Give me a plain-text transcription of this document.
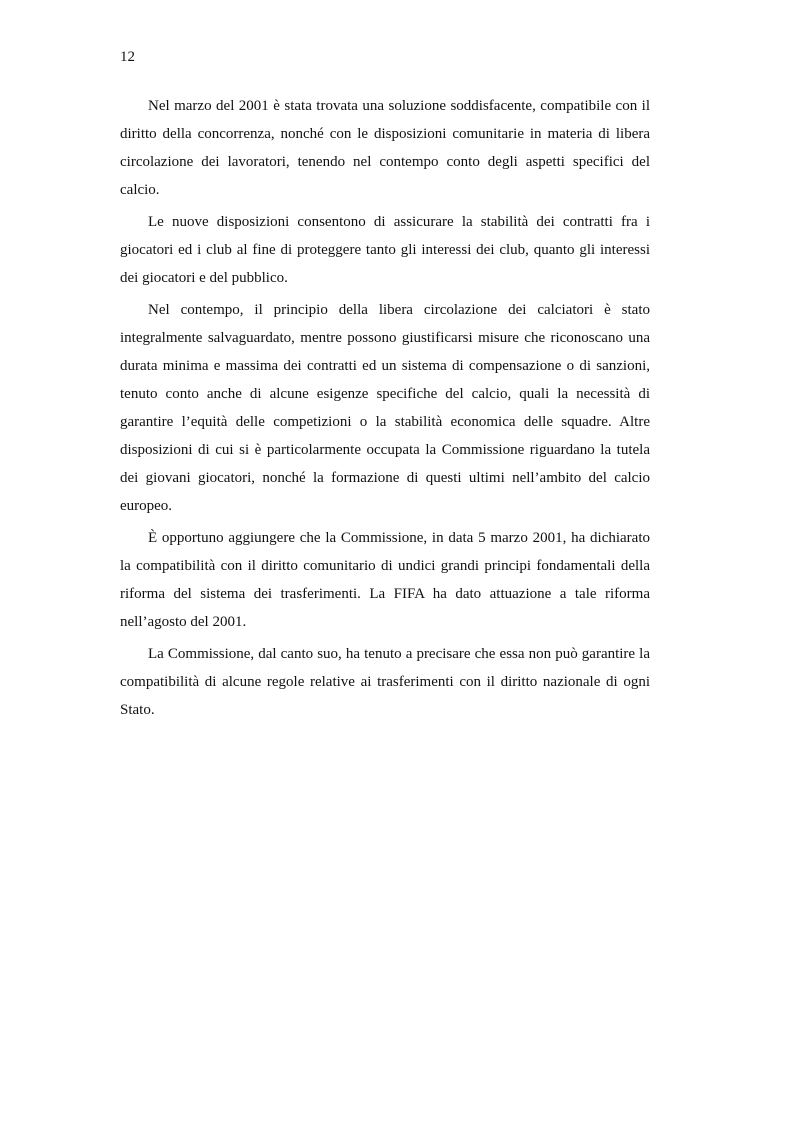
12

Nel marzo del 2001 è stata trovata una soluzione soddisfacente, compatibile con il diritto della concorrenza, nonché con le disposizioni comunitarie in materia di libera circolazione dei lavoratori, tenendo nel contempo conto degli aspetti specifici del calcio.

Le nuove disposizioni consentono di assicurare la stabilità dei contratti fra i giocatori ed i club al fine di proteggere tanto gli interessi dei club, quanto gli interessi dei giocatori e del pubblico.

Nel contempo, il principio della libera circolazione dei calciatori è stato integralmente salvaguardato, mentre possono giustificarsi misure che riconoscano una durata minima e massima dei contratti ed un sistema di compensazione o di sanzioni, tenuto conto anche di alcune esigenze specifiche del calcio, quali la necessità di garantire l’equità delle competizioni o la stabilità economica delle squadre. Altre disposizioni di cui si è particolarmente occupata la Commissione riguardano la tutela dei giovani giocatori, nonché la formazione di questi ultimi nell’ambito del calcio europeo.

È opportuno aggiungere che la Commissione, in data 5 marzo 2001, ha dichiarato la compatibilità con il diritto comunitario di undici grandi principi fondamentali della riforma del sistema dei trasferimenti. La FIFA ha dato attuazione a tale riforma nell’agosto del 2001.

La Commissione, dal canto suo, ha tenuto a precisare che essa non può garantire la compatibilità di alcune regole relative ai trasferimenti con il diritto nazionale di ogni Stato.
